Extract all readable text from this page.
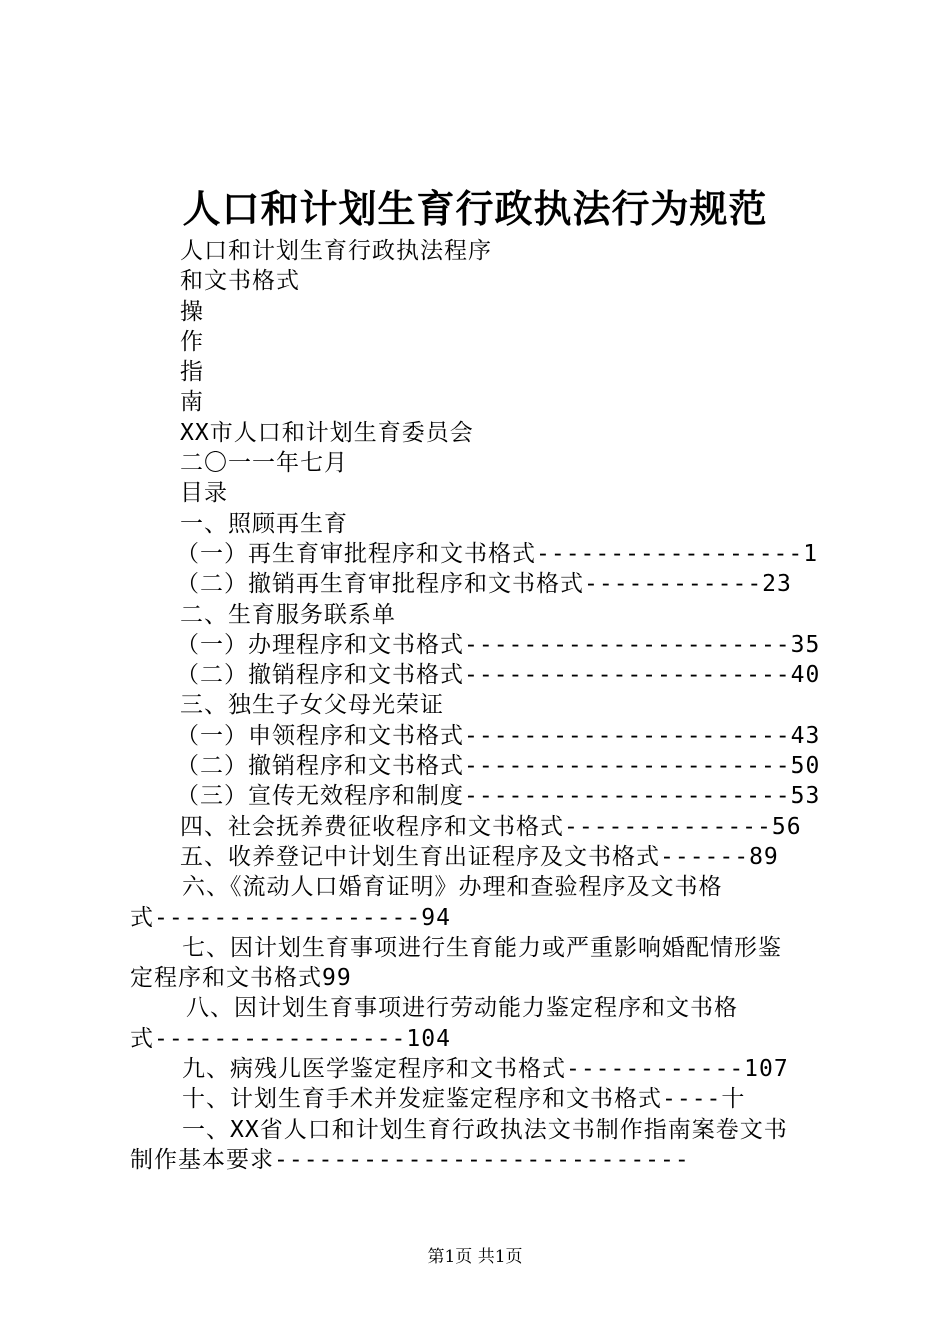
人口和计划生育行政执法行为规范
人口和计划生育行政执法程序
和文书格式
操
作
指
南
XX市人口和计划生育委员会
二〇一一年七月
目录
一、照顾再生育
（一）再生育审批程序和文书格式------------------1
（二）撤销再生育审批程序和文书格式------------23
二、生育服务联系单
（一）办理程序和文书格式----------------------35
（二）撤销程序和文书格式----------------------40
三、独生子女父母光荣证
（一）申领程序和文书格式----------------------43
（二）撤销程序和文书格式----------------------50
（三）宣传无效程序和制度----------------------53
四、社会抚养费征收程序和文书格式--------------56
五、收养登记中计划生育出证程序及文书格式------89
六、《流动人口婚育证明》办理和查验程序及文书格
式------------------94
七、因计划生育事项进行生育能力或严重影响婚配情形鉴
定程序和文书格式99
八、因计划生育事项进行劳动能力鉴定程序和文书格
式-----------------104
九、病残儿医学鉴定程序和文书格式------------107
十、计划生育手术并发症鉴定程序和文书格式----十
一、XX省人口和计划生育行政执法文书制作指南案卷文书
制作基本要求----------------------------
第1页 共1页
